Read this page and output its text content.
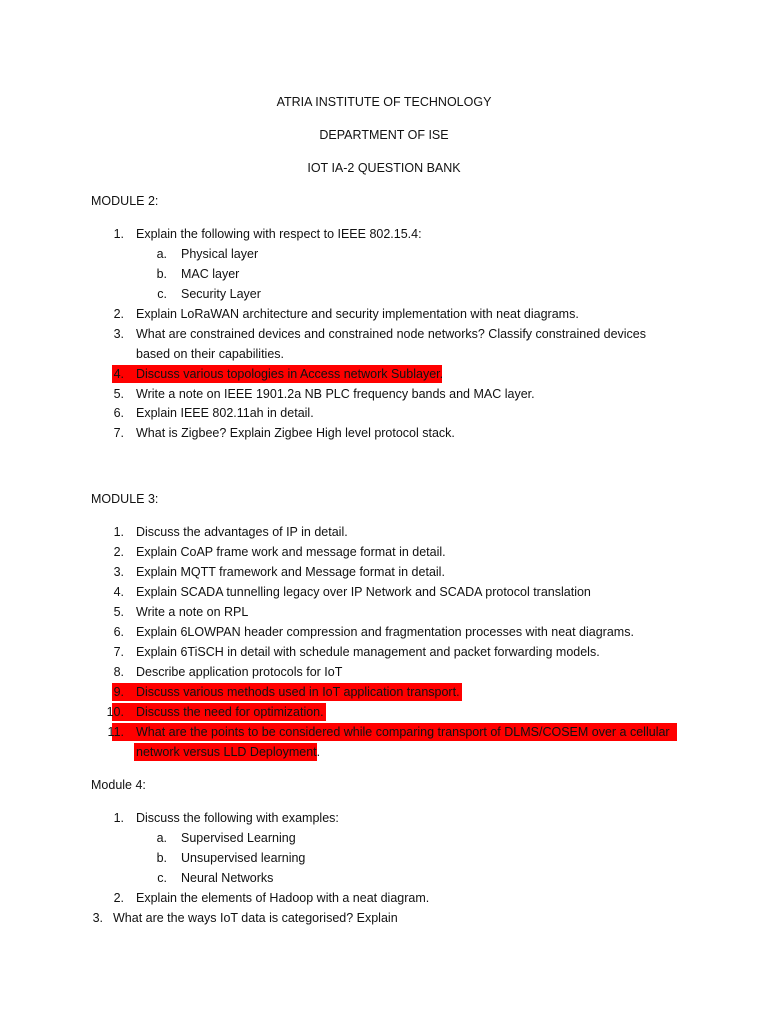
ATRIA INSTITUTE OF TECHNOLOGY
DEPARTMENT OF ISE
IOT IA-2 QUESTION BANK
MODULE 2:
1. Explain the following with respect to IEEE 802.15.4:
a. Physical layer
b. MAC layer
c. Security Layer
2. Explain LoRaWAN architecture and security implementation with neat diagrams.
3. What are constrained devices and constrained node networks? Classify constrained devices
based on their capabilities.
4. Discuss various topologies in Access network Sublayer.
5. Write a note on IEEE 1901.2a NB PLC frequency bands and MAC layer.
6. Explain IEEE 802.11ah in detail.
7. What is Zigbee? Explain Zigbee High level protocol stack.
MODULE 3:
1. Discuss the advantages of IP in detail.
2. Explain CoAP frame work and message format in detail.
3. Explain MQTT framework and Message format in detail.
4. Explain SCADA tunnelling legacy over IP Network and SCADA protocol translation
5. Write a note on RPL
6. Explain 6LOWPAN header compression and fragmentation processes with neat diagrams.
7. Explain 6TiSCH in detail with schedule management and packet forwarding models.
8. Describe application protocols for IoT
9. Discuss various methods used in IoT application transport.
10. Discuss the need for optimization.
11. What are the points to be considered while comparing transport of DLMS/COSEM over a cellular
network versus LLD Deployment.
Module 4:
1. Discuss the following with examples:
a. Supervised Learning
b. Unsupervised learning
c. Neural Networks
2. Explain the elements of Hadoop with a neat diagram.
3. What are the ways IoT data is categorised? Explain
